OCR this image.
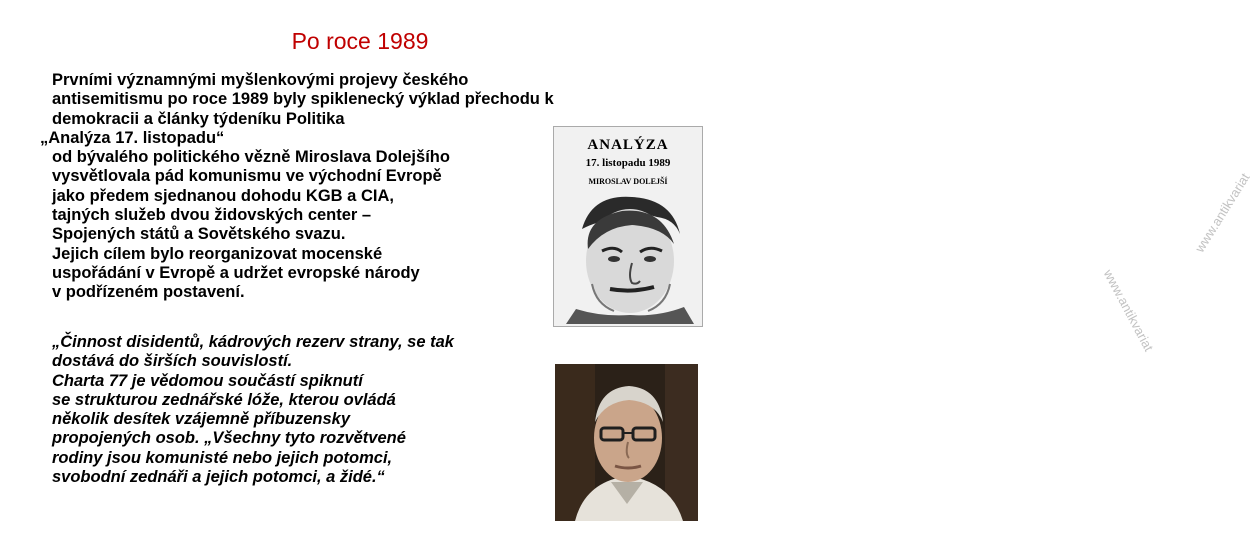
Po roce 1989
Prvními významnými myšlenkovými projevy českého
antisemitismu po roce 1989 byly spiklenecký výklad přechodu k
demokracii a články týdeníku Politika
„Analýza 17. listopadu“
od bývalého politického vězně Miroslava Dolejšího
vysvětlovala pád komunismu ve východní Evropě
jako předem sjednanou dohodu KGB a CIA,
tajných služeb dvou židovských center –
Spojených států a Sovětského svazu.
Jejich cílem bylo reorganizovat mocenské
uspořádání v Evropě a udržet evropské národy
v podřízeném postavení.
„Činnost disidentů, kádrových rezerv strany, se tak
dostává do širších souvislostí.
Charta 77 je vědomou součástí spiknutí
se strukturou zednářské lóže, kterou ovládá
několik desítek vzájemně příbuzensky
propojených osob. „Všechny tyto rozvětvené
rodiny jsou komunisté nebo jejich potomci,
svobodní zednáři a jejich potomci, a židé.“
ANALÝZA
17. listopadu 1989
MIROSLAV DOLEJŠÍ
www.antikvariat
www.antikvariat
